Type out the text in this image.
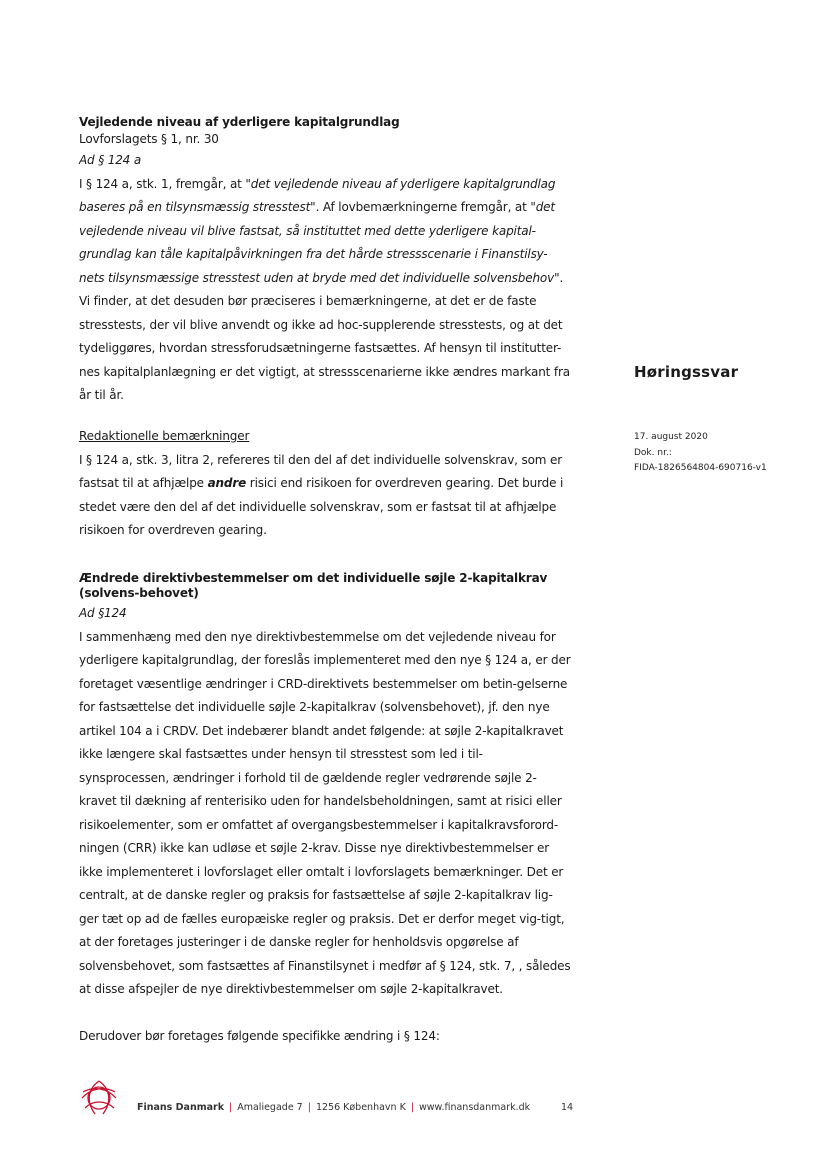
Vejledende niveau af yderligere kapitalgrundlag

Lovforslagets § 1, nr. 30

Ad § 124 a

I § 124 a, stk. 1, fremgår, at "det vejledende niveau af yderligere kapitalgrundlag baseres på en tilsynsmæssig stresstest". Af lovbemærkningerne fremgår, at "det vejledende niveau vil blive fastsat, så instituttet med dette yderligere kapital-grundlag kan tåle kapitalpåvirkningen fra det hårde stressscenarie i Finanstilsy-nets tilsynsmæssige stresstest uden at bryde med det individuelle solvensbehov". Vi finder, at det desuden bør præciseres i bemærkningerne, at det er de faste stresstests, der vil blive anvendt og ikke ad hoc-supplerende stresstests, og at det tydeliggøres, hvordan stressforudsætningerne fastsættes. Af hensyn til institutter-nes kapitalplanlægning er det vigtigt, at stressscenarierne ikke ændres markant fra år til år.

Redaktionelle bemærkninger

I § 124 a, stk. 3, litra 2, refereres til den del af det individuelle solvenskrav, som er fastsat til at afhjælpe andre risici end risikoen for overdreven gearing. Det burde i stedet være den del af det individuelle solvenskrav, som er fastsat til at afhjælpe risikoen for overdreven gearing.

Ændrede direktivbestemmelser om det individuelle søjle 2-kapitalkrav (solvens-behovet)

Ad §124

I sammenhæng med den nye direktivbestemmelse om det vejledende niveau for yderligere kapitalgrundlag, der foreslås implementeret med den nye § 124 a, er der foretaget væsentlige ændringer i CRD-direktivets bestemmelser om betin-gelserne for fastsættelse det individuelle søjle 2-kapitalkrav (solvensbehovet), jf. den nye artikel 104 a i CRDV. Det indebærer blandt andet følgende: at søjle 2-kapitalkravet ikke længere skal fastsættes under hensyn til stresstest som led i til-synsprocessen, ændringer i forhold til de gældende regler vedrørende søjle 2-kravet til dækning af renterisiko uden for handelsbeholdningen, samt at risici eller risikoelementer, som er omfattet af overgangsbestemmelser i kapitalkravsforord-ningen (CRR) ikke kan udløse et søjle 2-krav. Disse nye direktivbestemmelser er ikke implementeret i lovforslaget eller omtalt i lovforslagets bemærkninger. Det er centralt, at de danske regler og praksis for fastsættelse af søjle 2-kapitalkrav lig-ger tæt op ad de fælles europæiske regler og praksis. Det er derfor meget vig-tigt, at der foretages justeringer i de danske regler for henholdsvis opgørelse af solvensbehovet, som fastsættes af Finanstilsynet i medfør af § 124, stk. 7, , således at disse afspejler de nye direktivbestemmelser om søjle 2-kapitalkravet.

Derudover bør foretages følgende specifikke ændring i § 124:

Høringssvar
17. august 2020
Dok. nr.:
FIDA-1826564804-690716-v1
Finans Danmark | Amaliegade 7 | 1256 København K | www.finansdanmark.dk	14
